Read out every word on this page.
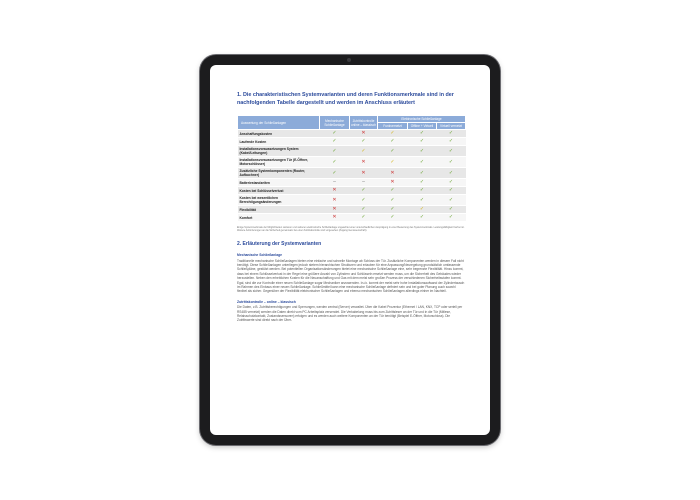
1. Die charakteristischen Systemvarianten und deren Funktionsmerkmale sind in der nachfolgenden Tabelle dargestellt und werden im Anschluss erläutert

Auswertung der Schließanlagen	Mechanische Schließanlage	Zutrittskontrolle online – klassisch	Elektronische Schließanlage		
			Funkvernetzt	Offline + Virtuell	Virtuell vernetzt
Anschaffungskosten	✓	✕	✓	✓	✓
Laufende Kosten	✓	✓	✓	✓	✓
Installationsvoraussetzungen System (Kabel/Leitungen)	✓	✓	✓	✓	✓
Installationsvoraussetzungen Tür (E-Öffner, Motorschlösser)	✓	✕	✓	✓	✓
Zusätzliche Systemkomponenten (Router, Aufbuchner)	✓	✕	✕	✓	✓
Batteriestandzeiten	–	–	✕	✓	✓
Kosten bei Schlüsselverlust	✕	✓	✓	✓	✓
Kosten bei wesentlichen Berechtigungsänderungen	✕	✓	✓	✓	✓
Flexibilität	✕	✓	✓	✓	✓
Komfort	✕	✓	✓	✓	✓
Einige Systemmerkmale der Möglichkeiten variieren und variieren elektronische Schließanlage ungeachtet einer unterschiedlichen Ausprägung in einer Bewertung des Systemmerkmals. Leistungsfähigkeit hierbei ist. Weitere Anforderungen an die Sicherheit gemeinsam bei einer Zutrittskontrolle sind vorgesehen (Zugang Genossenschaft).
2. Erläuterung der Systemvarianten
Mechanische Schließanlage
Traditionelle mechanische Schließanlagen bieten eine einfache und schnelle Montage ab Schloss der Tür. Zusätzliche Komponenten werden in diesem Fall nicht benötigt. Diese Schließanlagen unterliegen jedoch stetem hierarchischen Strukturen und erlauben für eine Anpassung/Neuregelung grundsätzlich umfassende Schließpläne, gestützt werden. Bei potentiellen Organisationsänderungen bietet eine mechanische Schließanlage eine, sehr begrenzte Flexibilität. Hinzu kommt, dass bei einem Schlüsselverlust in der Regel eine größere Anzahl von Zylindern und Schlüsseln ersetzt werden muss, um die Sicherheit des Gebäudes wieder herzustellen. Neben den erheblichen Kosten für die Neuanschaffung und Gas mit dem meist sehr großen Prozess der verschiedenen Sicherheitsstufen kommt. Egal, sind die zur Kontrolle einer neuen Schließanlage sogar Mechaniker anzuwenden. In-/o. kommt der meist sehr hohe Installationsaufwand der Zylindertausch im Rahmen des Einbaus einer neuen Schließanlage. Schließmittel kann eine mechanische Schließanlage definiert sein und bei guter Planung auch sowohl flexibel als sicher. Gegenüber der Flexibilität elektronischer Schließanlagen und ebenso mechanischen Schließanlagen allerdings einher im Nachteil.
Zutrittskontrolle – online – klassisch
Die Daten, z.B. Zutrittsberechtigungen und Sperrungen, werden zentral (Server) verwaltet. Über die Kabel Prozentur (Ethernet / LAN, KNX, TCP oder seriell per RS485 vernetzt) werden die Daten direkt vom PC Arbeitsplatz versendet. Die Verkabelung muss bis zum Zutrittsleser an der Tür und in die Tür (Mitlese, Relaisschutzkontakt, Zustandssensoren) erfolgen und es werden auch weitere Komponenten an der Tür benötigt (Beispiel E-Öffner, Motorschloss). Die Zutrittswerte sind direkt nach der Über-
